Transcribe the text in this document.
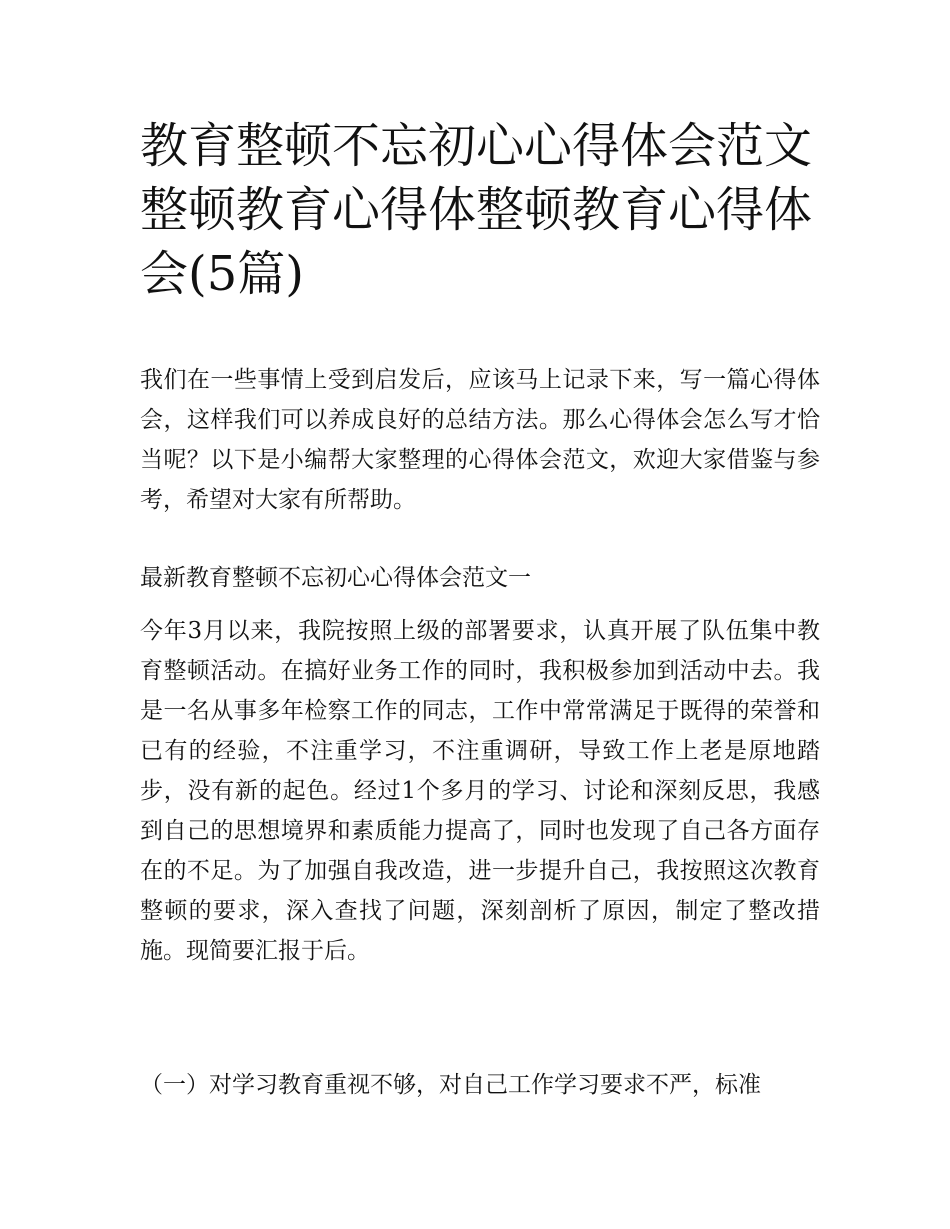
教育整顿不忘初心心得体会范文 整顿教育心得体整顿教育心得体会(5篇)

我们在一些事情上受到启发后，应该马上记录下来，写一篇心得体会，这样我们可以养成良好的总结方法。那么心得体会怎么写才恰当呢？以下是小编帮大家整理的心得体会范文，欢迎大家借鉴与参考，希望对大家有所帮助。

最新教育整顿不忘初心心得体会范文一

今年3月以来，我院按照上级的部署要求，认真开展了队伍集中教育整顿活动。在搞好业务工作的同时，我积极参加到活动中去。我是一名从事多年检察工作的同志，工作中常常满足于既得的荣誉和已有的经验，不注重学习，不注重调研，导致工作上老是原地踏步，没有新的起色。经过1个多月的学习、讨论和深刻反思，我感到自己的思想境界和素质能力提高了，同时也发现了自己各方面存在的不足。为了加强自我改造，进一步提升自己，我按照这次教育整顿的要求，深入查找了问题，深刻剖析了原因，制定了整改措施。现简要汇报于后。

（一）对学习教育重视不够，对自己工作学习要求不严，标准
